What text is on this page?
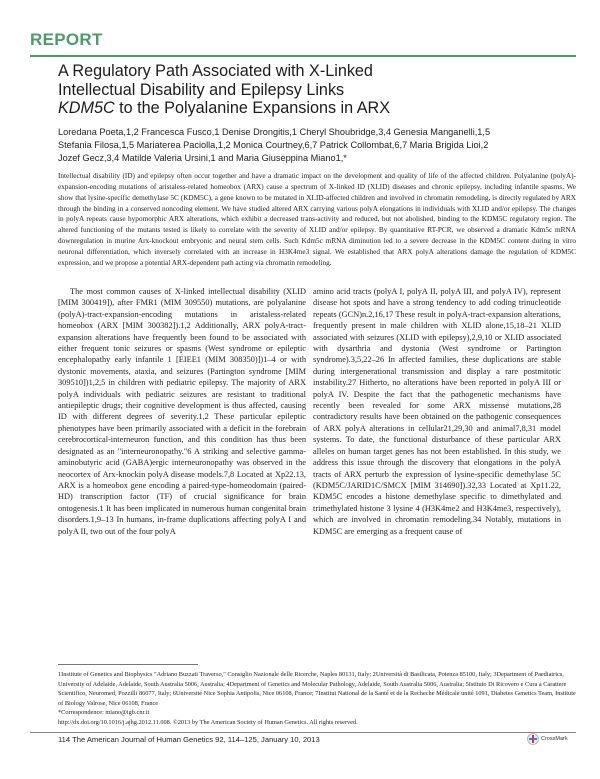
REPORT
A Regulatory Path Associated with X-Linked
Intellectual Disability and Epilepsy Links
KDM5C to the Polyalanine Expansions in ARX
Loredana Poeta,1,2 Francesca Fusco,1 Denise Drongitis,1 Cheryl Shoubridge,3,4 Genesia Manganelli,1,5
Stefania Filosa,1,5 Mariaterea Paciolla,1,2 Monica Courtney,6,7 Patrick Collombat,6,7 Maria Brigida Lioi,2
Jozef Gecz,3,4 Matilde Valeria Ursini,1 and Maria Giuseppina Miano1,*

Intellectual disability (ID) and epilepsy often occur together and have a dramatic impact on the development and quality of life of the affected children. Polyalanine (polyA)-expansion-encoding mutations of aristaless-related homeobox (ARX) cause a spectrum of X-linked ID (XLID) diseases and chronic epilepsy, including infantile spasms. We show that lysine-specific demethylase 5C (KDM5C), a gene known to be mutated in XLID-affected children and involved in chromatin remodeling, is directly regulated by ARX through the binding in a conserved noncoding element. We have studied altered ARX carrying various polyA elongations in individuals with XLID and/or epilepsy. The changes in polyA repeats cause hypomorphic ARX alterations, which exhibit a decreased trans-activity and reduced, but not abolished, binding to the KDM5C regulatory region. The altered functioning of the mutants tested is likely to correlate with the severity of XLID and/or epilepsy. By quantitative RT-PCR, we observed a dramatic Kdm5c mRNA downregulation in murine Arx-knockout embryonic and neural stem cells. Such Kdm5c mRNA diminution led to a severe decrease in the KDM5C content during in vitro neuronal differentiation, which inversely correlated with an increase in H3K4me3 signal. We established that ARX polyA alterations damage the regulation of KDM5C expression, and we propose a potential ARX-dependent path acting via chromatin remodeling.

The most common causes of X-linked intellectual disability (XLID [MIM 300419]), after FMR1 (MIM 309550) mutations, are polyalanine (polyA)-tract-expansion-encoding mutations in aristaless-related homeobox (ARX [MIM 300382]).1,2 Additionally, ARX polyA-tract-expansion alterations have frequently been found to be associated with either frequent tonic seizures or spasms (West syndrome or epileptic encephalopathy early infantile 1 [EIEE1 (MIM 308350)])1–4 or with dystonic movements, ataxia, and seizures (Partington syndrome [MIM 309510])1,2,5 in children with pediatric epilepsy. The majority of ARX polyA individuals with pediatric seizures are resistant to traditional antiepileptic drugs; their cognitive development is thus affected, causing ID with different degrees of severity.1,2 These particular epileptic phenotypes have been primarily associated with a deficit in the forebrain cerebrocortical-interneuron function, and this condition has thus been designated as an "interneuronopathy."6 A striking and selective gamma-aminobutyric acid (GABA)ergic interneuronopathy was observed in the neocortex of Arx-knockin polyA disease models.7,8 Located at Xp22.13, ARX is a homeobox gene encoding a paired-type-homeodomain (paired-HD) transcription factor (TF) of crucial significance for brain ontogenesis.1 It has been implicated in numerous human congenital brain disorders.1,9–13 In humans, in-frame duplications affecting polyA I and polyA II, two out of the four polyA

amino acid tracts (polyA I, polyA II, polyA III, and polyA IV), represent disease hot spots and have a strong tendency to add coding trinucleotide repeats (GCN)n.2,16,17 These result in polyA-tract-expansion alterations, frequently present in male children with XLID alone,15,18–21 XLID associated with seizures (XLID with epilepsy),2,9,10 or XLID associated with dysarthria and dystonia (West syndrome or Partington syndrome).3,5,22–26 In affected families, these duplications are stable during intergenerational transmission and display a rare postmitotic instability.27 Hitherto, no alterations have been reported in polyA III or polyA IV. Despite the fact that the pathogenetic mechanisms have recently been revealed for some ARX missense mutations,28 contradictory results have been obtained on the pathogenic consequences of ARX polyA alterations in cellular21,29,30 and animal7,8,31 model systems. To date, the functional disturbance of these particular ARX alleles on human target genes has not been established. In this study, we address this issue through the discovery that elongations in the polyA tracts of ARX perturb the expression of lysine-specific demethylase 5C (KDM5C/JARID1C/SMCX [MIM 314690]).32,33 Located at Xp11.22, KDM5C encodes a histone demethylase specific to dimethylated and trimethylated histone 3 lysine 4 (H3K4me2 and H3K4me3, respectively), which are involved in chromatin remodeling.34 Notably, mutations in KDM5C are emerging as a frequent cause of

1Institute of Genetics and Biophysics "Adriano Buzzati Traverso," Consiglio Nazionale delle Ricerche, Naples 80131, Italy; 2Università di Basilicata, Potenza 85100, Italy; 3Department of Paediatrics, University of Adelaide, Adelaide, South Australia 5006, Australia; 4Department of Genetics and Molecular Pathology, Adelaide, South Australia 5006, Australia; 5Istituto Di Ricovero e Cura a Carattere Scientifico, Neuromed, Pozzilli 86077, Italy; 6Université Nice Sophia Antipolis, Nice 06108, France; 7Institut National de la Santé et de la Recheche Médicale unité 1091, Diabetes Genetics Team, Institute of Biology Valrose, Nice 06108, France

*Correspondence: miano@igb.cnr.it

http://dx.doi.org/10.1016/j.ajhg.2012.11.008. ©2013 by The American Society of Human Genetics. All rights reserved.

114 The American Journal of Human Genetics 92, 114–125, January 10, 2013	CrossMark
